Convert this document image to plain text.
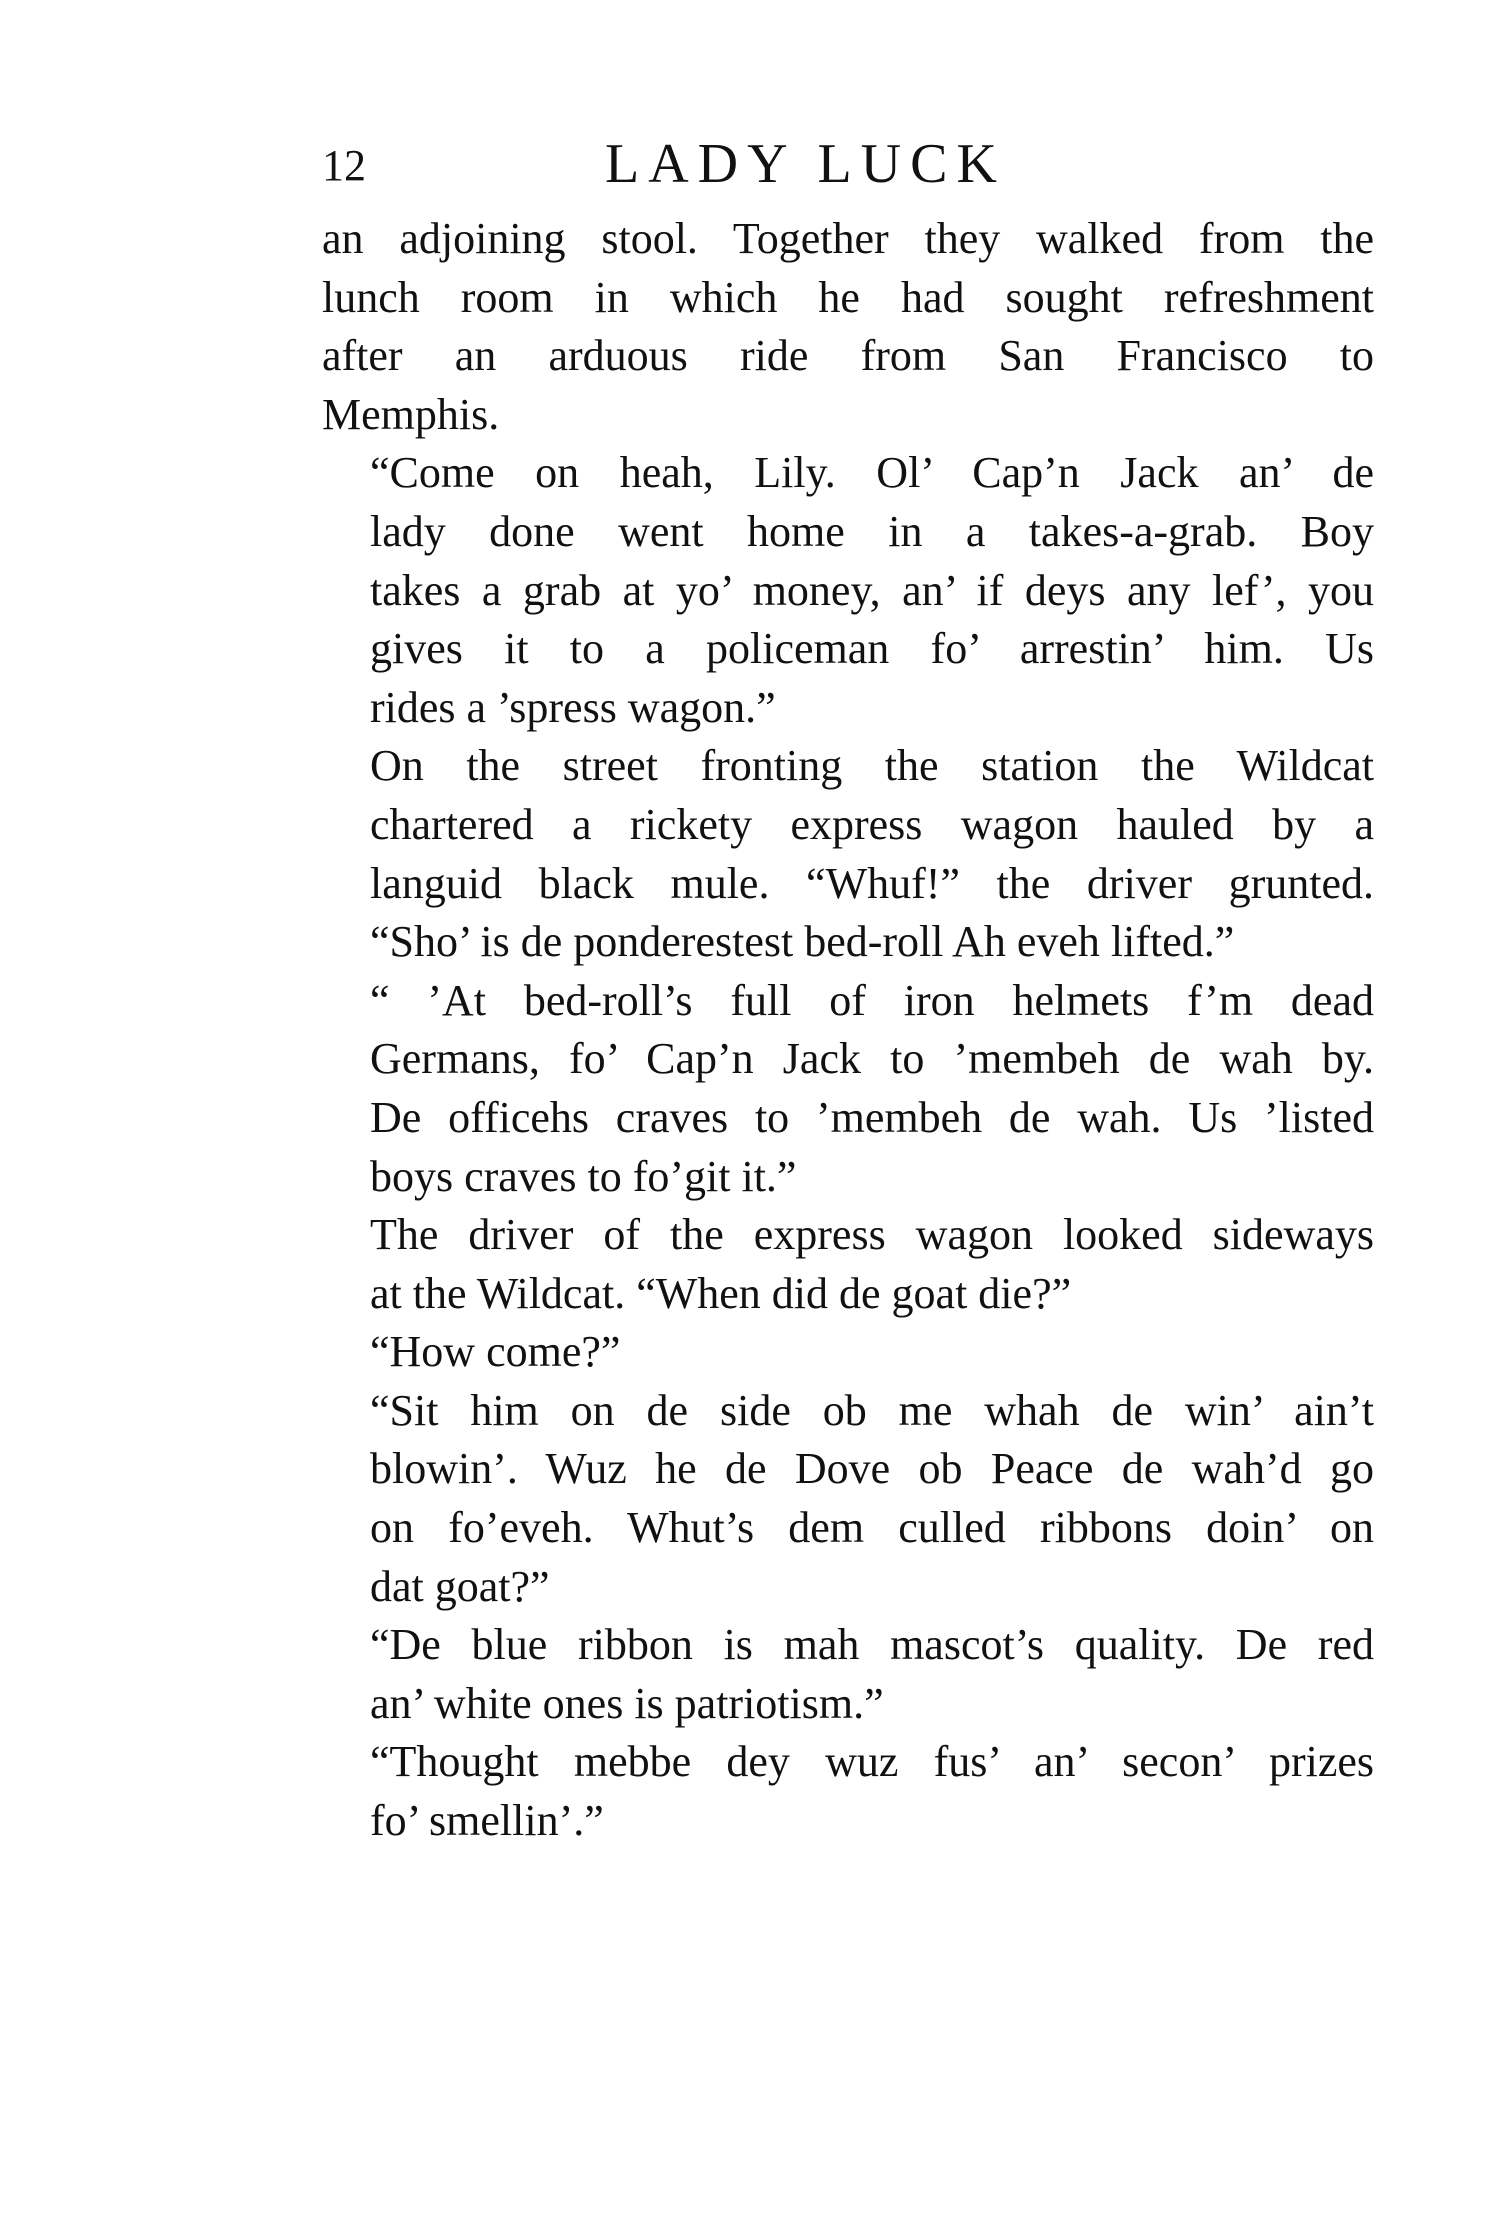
12	LADY LUCK

an adjoining stool. Together they walked from the
lunch room in which he had sought refreshment
after an arduous ride from San Francisco to
Memphis.

“Come on heah, Lily. Ol’ Cap’n Jack an’ de
lady done went home in a takes-a-grab. Boy
takes a grab at yo’ money, an’ if deys any lef’, you
gives it to a policeman fo’ arrestin’ him. Us
rides a ’spress wagon.”

On the street fronting the station the Wildcat
chartered a rickety express wagon hauled by a
languid black mule. “Whuf!” the driver grunted.
“Sho’ is de ponderestest bed-roll Ah eveh lifted.”

“ ’At bed-roll’s full of iron helmets f’m dead
Germans, fo’ Cap’n Jack to ’membeh de wah by.
De officehs craves to ’membeh de wah. Us ’listed
boys craves to fo’git it.”

The driver of the express wagon looked sideways
at the Wildcat. “When did de goat die?”

“How come?”

“Sit him on de side ob me whah de win’ ain’t
blowin’. Wuz he de Dove ob Peace de wah’d go
on fo’eveh. Whut’s dem culled ribbons doin’ on
dat goat?”

“De blue ribbon is mah mascot’s quality. De red
an’ white ones is patriotism.”

“Thought mebbe dey wuz fus’ an’ secon’ prizes
fo’ smellin’.”
